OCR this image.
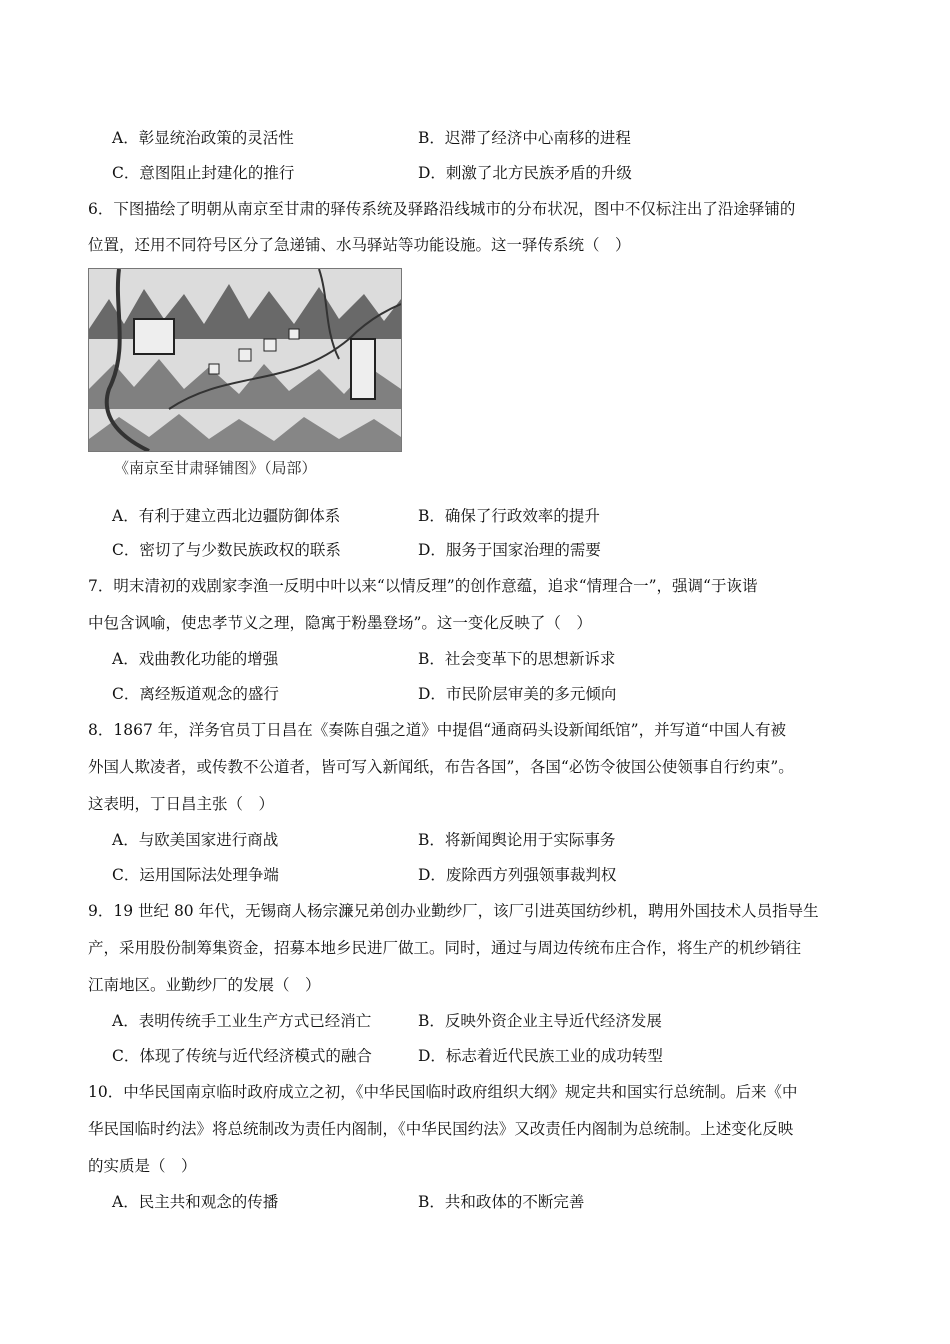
A．彰显统治政策的灵活性	B．迟滞了经济中心南移的进程
C．意图阻止封建化的推行	D．刺激了北方民族矛盾的升级
6．下图描绘了明朝从南京至甘肃的驿传系统及驿路沿线城市的分布状况，图中不仅标注出了沿途驿铺的
位置，还用不同符号区分了急递铺、水马驿站等功能设施。这一驿传系统（　）
《南京至甘肃驿铺图》（局部）
A．有利于建立西北边疆防御体系	B．确保了行政效率的提升
C．密切了与少数民族政权的联系	D．服务于国家治理的需要
7．明末清初的戏剧家李渔一反明中叶以来“以情反理”的创作意蕴，追求“情理合一”，强调“于诙谐
中包含讽喻，使忠孝节义之理，隐寓于粉墨登场”。这一变化反映了（　）
A．戏曲教化功能的增强	B．社会变革下的思想新诉求
C．离经叛道观念的盛行	D．市民阶层审美的多元倾向
8．1867 年，洋务官员丁日昌在《奏陈自强之道》中提倡“通商码头设新闻纸馆”，并写道“中国人有被
外国人欺凌者，或传教不公道者，皆可写入新闻纸，布告各国”，各国“必饬令彼国公使领事自行约束”。
这表明，丁日昌主张（　）
A．与欧美国家进行商战	B．将新闻舆论用于实际事务
C．运用国际法处理争端	D．废除西方列强领事裁判权
9．19 世纪 80 年代，无锡商人杨宗濂兄弟创办业勤纱厂，该厂引进英国纺纱机，聘用外国技术人员指导生
产，采用股份制筹集资金，招募本地乡民进厂做工。同时，通过与周边传统布庄合作，将生产的机纱销往
江南地区。业勤纱厂的发展（　）
A．表明传统手工业生产方式已经消亡	B．反映外资企业主导近代经济发展
C．体现了传统与近代经济模式的融合	D．标志着近代民族工业的成功转型
10．中华民国南京临时政府成立之初，《中华民国临时政府组织大纲》规定共和国实行总统制。后来《中
华民国临时约法》将总统制改为责任内阁制，《中华民国约法》又改责任内阁制为总统制。上述变化反映
的实质是（　）
A．民主共和观念的传播	B．共和政体的不断完善
